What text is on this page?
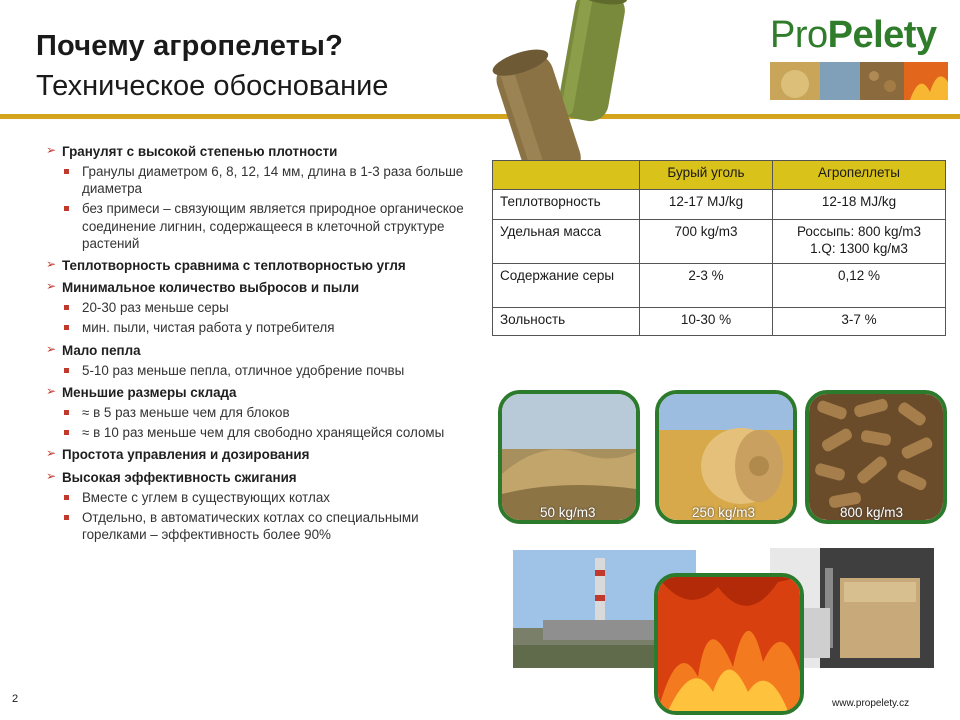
Почему агропелеты?
Техническое обоснование
ProPelety
➢ Гранулят с высокой степенью плотности
Гранулы диаметром 6, 8, 12, 14 мм, длина в 1-3 раза больше диаметра
без примеси – связующим является природное органическое соединение лигнин, содержащееся в клеточной структуре растений
➢ Теплотворность сравнима с теплотворностью угля
➢ Минимальное количество выбросов и пыли
20-30 раз меньше серы
мин. пыли, чистая работа у потребителя
➢ Мало пепла
5-10 раз меньше пепла, отличное удобрение почвы
➢ Меньшие размеры склада
≈ в 5 раз меньше чем для блоков
≈ в 10 раз меньше чем для свободно хранящейся соломы
➢ Простота управления и дозирования
➢ Высокая эффективность сжигания
Вместе с углем в существующих котлах
Отдельно, в автоматических котлах со специальными горелками – эффективность более 90%
	Бурый уголь	Агропеллеты
Теплотворность	12-17 MJ/kg	12-18 MJ/kg
Удельная масса	700 kg/m3	Россыпь: 800 kg/m3
1.Q: 1300 kg/м3
Содержание серы	2-3 %	0,12 %
Зольность	10-30 %	3-7 %
50 kg/m3	250 kg/m3	800 kg/m3
2	www.propelety.cz
